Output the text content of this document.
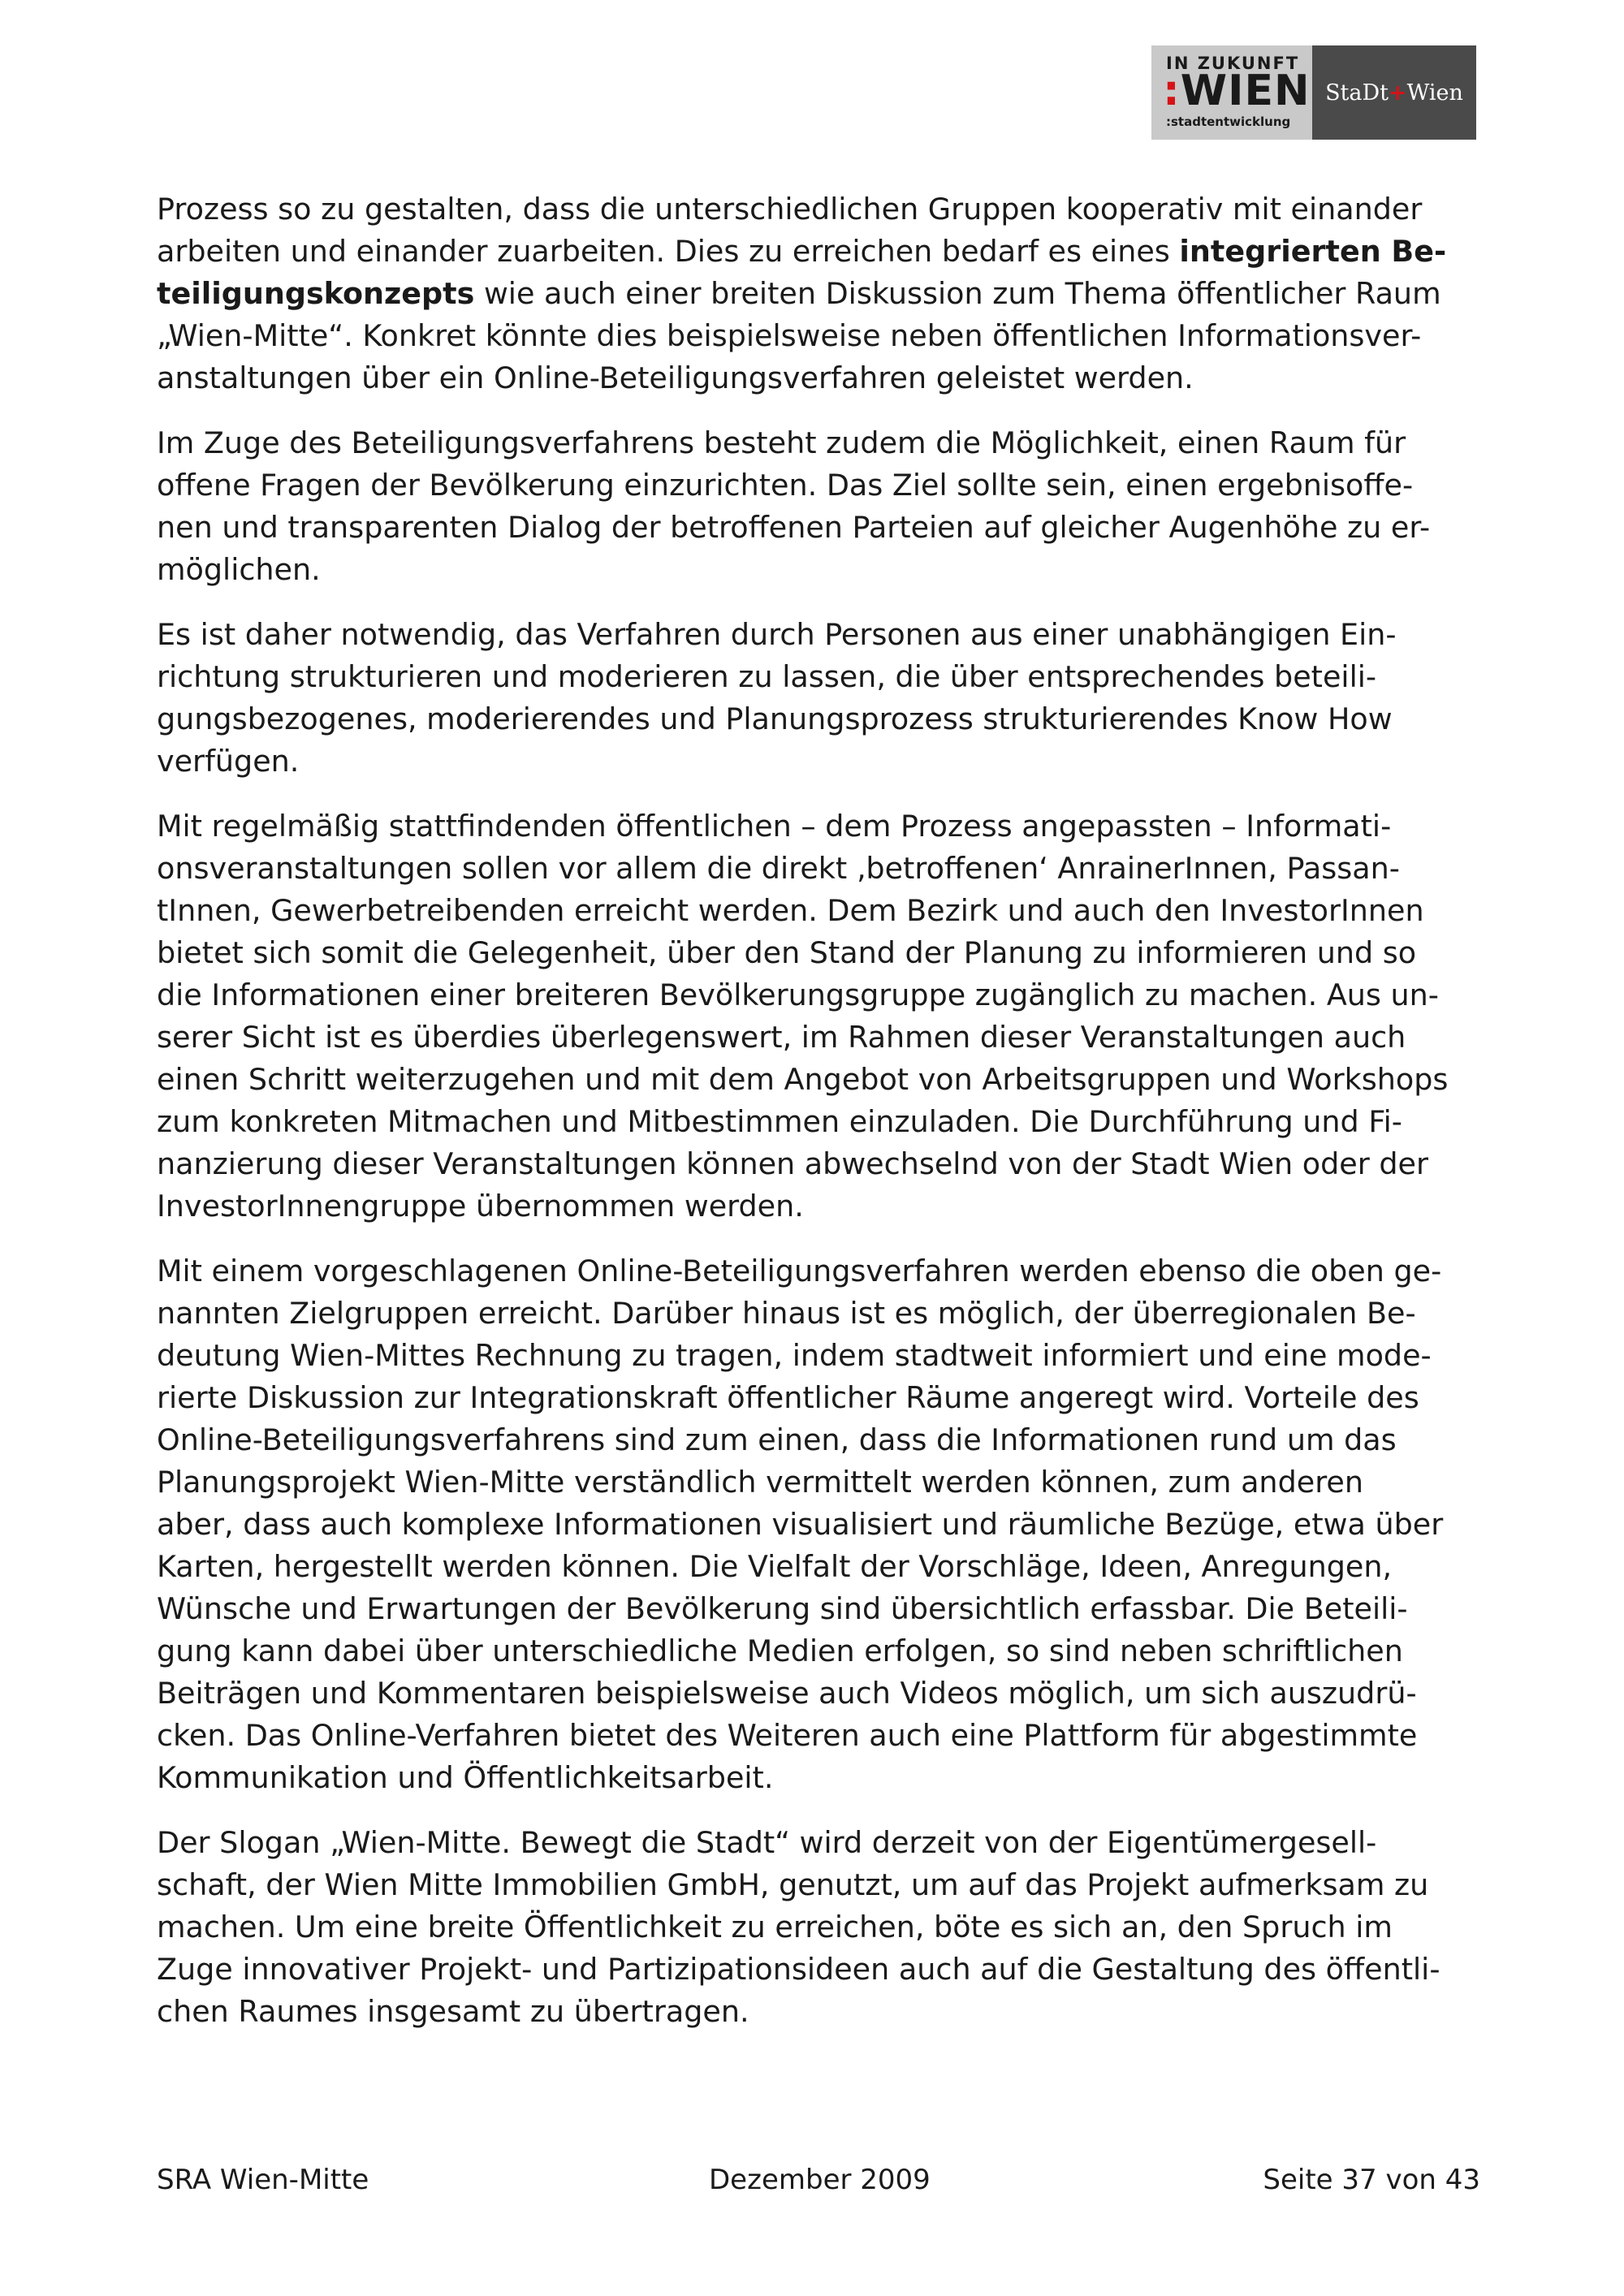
IN ZUKUNFT
:WIEN
:stadtentwicklung
StaDt + Wien

Prozess so zu gestalten, dass die unterschiedlichen Gruppen kooperativ mit einander
arbeiten und einander zuarbeiten. Dies zu erreichen bedarf es eines integrierten Be-
teiligungskonzepts wie auch einer breiten Diskussion zum Thema öffentlicher Raum
„Wien-Mitte“. Konkret könnte dies beispielsweise neben öffentlichen Informationsver-
anstaltungen über ein Online-Beteiligungsverfahren geleistet werden.

Im Zuge des Beteiligungsverfahrens besteht zudem die Möglichkeit, einen Raum für
offene Fragen der Bevölkerung einzurichten. Das Ziel sollte sein, einen ergebnisoffe-
nen und transparenten Dialog der betroffenen Parteien auf gleicher Augenhöhe zu er-
möglichen.

Es ist daher notwendig, das Verfahren durch Personen aus einer unabhängigen Ein-
richtung strukturieren und moderieren zu lassen, die über entsprechendes beteili-
gungsbezogenes, moderierendes und Planungsprozess strukturierendes Know How
verfügen.

Mit regelmäßig stattfindenden öffentlichen – dem Prozess angepassten – Informati-
onsveranstaltungen sollen vor allem die direkt ‚betroffenen‘ AnrainerInnen, Passan-
tInnen, Gewerbetreibenden erreicht werden. Dem Bezirk und auch den InvestorInnen
bietet sich somit die Gelegenheit, über den Stand der Planung zu informieren und so
die Informationen einer breiteren Bevölkerungsgruppe zugänglich zu machen. Aus un-
serer Sicht ist es überdies überlegenswert, im Rahmen dieser Veranstaltungen auch
einen Schritt weiterzugehen und mit dem Angebot von Arbeitsgruppen und Workshops
zum konkreten Mitmachen und Mitbestimmen einzuladen. Die Durchführung und Fi-
nanzierung dieser Veranstaltungen können abwechselnd von der Stadt Wien oder der
InvestorInnengruppe übernommen werden.

Mit einem vorgeschlagenen Online-Beteiligungsverfahren werden ebenso die oben ge-
nannten Zielgruppen erreicht. Darüber hinaus ist es möglich, der überregionalen Be-
deutung Wien-Mittes Rechnung zu tragen, indem stadtweit informiert und eine mode-
rierte Diskussion zur Integrationskraft öffentlicher Räume angeregt wird. Vorteile des
Online-Beteiligungsverfahrens sind zum einen, dass die Informationen rund um das
Planungsprojekt Wien-Mitte verständlich vermittelt werden können, zum anderen
aber, dass auch komplexe Informationen visualisiert und räumliche Bezüge, etwa über
Karten, hergestellt werden können. Die Vielfalt der Vorschläge, Ideen, Anregungen,
Wünsche und Erwartungen der Bevölkerung sind übersichtlich erfassbar. Die Beteili-
gung kann dabei über unterschiedliche Medien erfolgen, so sind neben schriftlichen
Beiträgen und Kommentaren beispielsweise auch Videos möglich, um sich auszudrü-
cken. Das Online-Verfahren bietet des Weiteren auch eine Plattform für abgestimmte
Kommunikation und Öffentlichkeitsarbeit.

Der Slogan „Wien-Mitte. Bewegt die Stadt“ wird derzeit von der Eigentümergesell-
schaft, der Wien Mitte Immobilien GmbH, genutzt, um auf das Projekt aufmerksam zu
machen. Um eine breite Öffentlichkeit zu erreichen, böte es sich an, den Spruch im
Zuge innovativer Projekt- und Partizipationsideen auch auf die Gestaltung des öffentli-
chen Raumes insgesamt zu übertragen.

SRA Wien-Mitte	Dezember 2009	Seite 37 von 43
